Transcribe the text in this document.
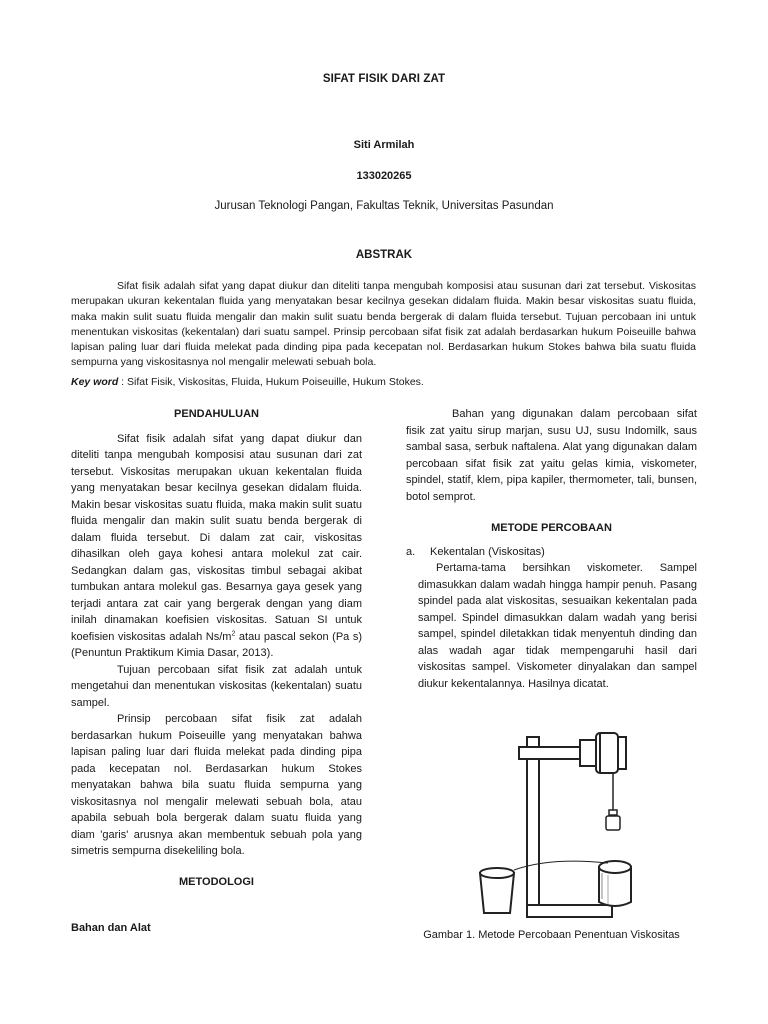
SIFAT FISIK DARI ZAT
Siti Armilah
133020265
Jurusan Teknologi Pangan, Fakultas Teknik, Universitas Pasundan
ABSTRAK
Sifat fisik adalah sifat yang dapat diukur dan diteliti tanpa mengubah komposisi atau susunan dari zat tersebut. Viskositas merupakan ukuran kekentalan fluida yang menyatakan besar kecilnya gesekan didalam fluida. Makin besar viskositas suatu fluida, maka makin sulit suatu fluida mengalir dan makin sulit suatu benda bergerak di dalam fluida tersebut. Tujuan percobaan ini untuk menentukan viskositas (kekentalan) dari suatu sampel. Prinsip percobaan sifat fisik zat adalah berdasarkan hukum Poiseuille bahwa lapisan paling luar dari fluida melekat pada dinding pipa pada kecepatan nol. Berdasarkan hukum Stokes bahwa bila suatu fluida sempurna yang viskositasnya nol mengalir melewati sebuah bola.
Key word : Sifat Fisik, Viskositas, Fluida, Hukum Poiseuille, Hukum Stokes.
PENDAHULUAN

Sifat fisik adalah sifat yang dapat diukur dan diteliti tanpa mengubah komposisi atau susunan dari zat tersebut. Viskositas merupakan ukuan kekentalan fluida yang menyatakan besar kecilnya gesekan didalam fluida. Makin besar viskositas suatu fluida, maka makin sulit suatu fluida mengalir dan makin sulit suatu benda bergerak di dalam fluida tersebut. Di dalam zat cair, viskositas dihasilkan oleh gaya kohesi antara molekul zat cair. Sedangkan dalam gas, viskositas timbul sebagai akibat tumbukan antara molekul gas. Besarnya gaya gesek yang terjadi antara zat cair yang bergerak dengan yang diam inilah dinamakan koefisien viskositas. Satuan SI untuk koefisien viskositas adalah $Ns/m^2$ atau pascal sekon (Pa s) (Penuntun Praktikum Kimia Dasar, 2013).

Tujuan percobaan sifat fisik zat adalah untuk mengetahui dan menentukan viskositas (kekentalan) suatu sampel.

Prinsip percobaan sifat fisik zat adalah berdasarkan hukum Poiseuille yang menyatakan bahwa lapisan paling luar dari fluida melekat pada dinding pipa pada kecepatan nol. Berdasarkan hukum Stokes menyatakan bahwa bila suatu fluida sempurna yang viskositasnya nol mengalir melewati sebuah bola, atau apabila sebuah bola bergerak dalam suatu fluida yang diam 'garis' arusnya akan membentuk sebuah pola yang simetris sempurna disekeliling bola.

METODOLOGI
Bahan dan Alat

Bahan yang digunakan dalam percobaan sifat fisik zat yaitu sirup marjan, susu UJ, susu Indomilk, saus sambal sasa, serbuk naftalena. Alat yang digunakan dalam percobaan sifat fisik zat yaitu gelas kimia, viskometer, spindel, statif, klem, pipa kapiler, thermometer, tali, bunsen, botol semprot.

METODE PERCOBAAN
a.	Kekentalan (Viskositas)

Pertama-tama bersihkan viskometer. Sampel dimasukkan dalam wadah hingga hampir penuh. Pasang spindel pada alat viskositas, sesuaikan kekentalan pada sampel. Spindel dimasukkan dalam wadah yang berisi sampel, spindel diletakkan tidak menyentuh dinding dan alas wadah agar tidak mempengaruhi hasil dari viskositas sampel. Viskometer dinyalakan dan sampel diukur kekentalannya. Hasilnya dicatat.

Gambar 1. Metode Percobaan Penentuan Viskositas
